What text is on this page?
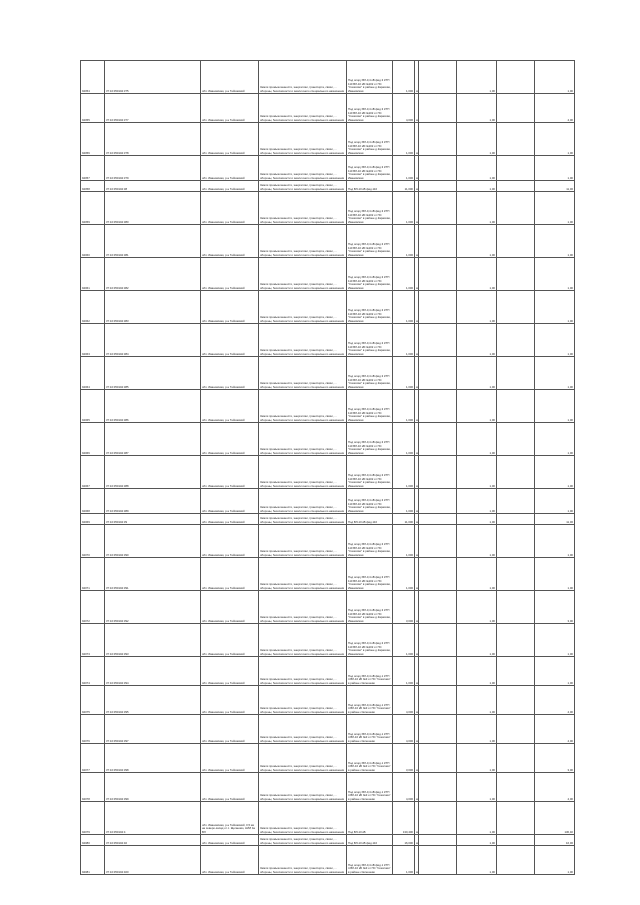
94054	37:10:050104:375	обл. Ивановская, р-н Тейковский	Земли промышленности, энергетики, транспорта, связи, ... обороны, безопасности и земли иного специального назначения	Под опору ВЛ-0,4 кВ фид.3 КТП 110 ВЛ-10 кВ №102 от ПС "Сокатово" в районе д.Карасово, Ивановская	1,000	м		1,00		1,00
94055	37:10:050104:377	обл. Ивановская, р-н Тейковский	Земли промышленности, энергетики, транспорта, связи, ... обороны, безопасности и земли иного специального назначения	Под опору ВЛ-0,4 кВ фид.3 КТП 110 ВЛ-10 кВ №102 от ПС "Сокатово" в районе д.Карасово, Ивановская	4,000	м		1,00		4,00
94056	37:10:050104:378	обл. Ивановская, р-н Тейковский	Земли промышленности, энергетики, транспорта, связи, ... обороны, безопасности и земли иного специального назначения	Под опору ВЛ-0,4 кВ фид.3 КТП 110 ВЛ-10 кВ №102 от ПС "Сокатово" в районе д.Карасово, Ивановская	1,000	м		1,00		1,00
94057	37:10:050104:379	обл. Ивановская, р-н Тейковский	Земли промышленности, энергетики, транспорта, связи, ... обороны, безопасности и земли иного специального назначения	Под опору ВЛ-0,4 кВ фид.3 КТП 110 ВЛ-10 кВ №102 от ПС "Сокатово" в районе д.Карасово, Ивановская	1,000	м		1,00		1,00
94058	37:10:050104:38	обл. Ивановская, р-н Тейковский	Земли промышленности, энергетики, транспорта, связи, ... обороны, безопасности и земли иного специального назначения	Под ВЛ-10 кВ фид.110	11,000	м		1,00		11,00
94059	37:10:050104:380	обл. Ивановская, р-н Тейковский	Земли промышленности, энергетики, транспорта, связи, ... обороны, безопасности и земли иного специального назначения	Под опору ВЛ-0,4 кВ фид.3 КТП 110 ВЛ-10 кВ №102 от ПС "Сокатово" в районе д.Карасово, Ивановская	1,000	м		1,00		1,00
94060	37:10:050104:381	обл. Ивановская, р-н Тейковский	Земли промышленности, энергетики, транспорта, связи, ... обороны, безопасности и земли иного специального назначения	Под опору ВЛ-0,4 кВ фид.3 КТП 110 ВЛ-10 кВ №102 от ПС "Сокатово" в районе д.Карасово, Ивановская	1,000	м		1,00		1,00
94061	37:10:050104:382	обл. Ивановская, р-н Тейковский	Земли промышленности, энергетики, транспорта, связи, ... обороны, безопасности и земли иного специального назначения	Под опору ВЛ-0,4 кВ фид.3 КТП 110 ВЛ-10 кВ №102 от ПС "Сокатово" в районе д.Карасово, Ивановская	1,000	м		1,00		1,00
94062	37:10:050104:383	обл. Ивановская, р-н Тейковский	Земли промышленности, энергетики, транспорта, связи, ... обороны, безопасности и земли иного специального назначения	Под опору ВЛ-0,4 кВ фид.3 КТП 110 ВЛ-10 кВ №102 от ПС "Сокатово" в районе д.Карасово, Ивановская	1,000	м		1,00		1,00
94063	37:10:050104:384	обл. Ивановская, р-н Тейковский	Земли промышленности, энергетики, транспорта, связи, ... обороны, безопасности и земли иного специального назначения	Под опору ВЛ-0,4 кВ фид.3 КТП 110 ВЛ-10 кВ №102 от ПС "Сокатово" в районе д.Карасово, Ивановская	1,000	м		1,00		1,00
94064	37:10:050104:385	обл. Ивановская, р-н Тейковский	Земли промышленности, энергетики, транспорта, связи, ... обороны, безопасности и земли иного специального назначения	Под опору ВЛ-0,4 кВ фид.3 КТП 110 ВЛ-10 кВ №102 от ПС "Сокатово" в районе д.Карасово, Ивановская	1,000	м		1,00		1,00
94065	37:10:050104:386	обл. Ивановская, р-н Тейковский	Земли промышленности, энергетики, транспорта, связи, ... обороны, безопасности и земли иного специального назначения	Под опору ВЛ-0,4 кВ фид.3 КТП 110 ВЛ-10 кВ №102 от ПС "Сокатово" в районе д.Карасово, Ивановская	1,000	м		1,00		1,00
94066	37:10:050104:387	обл. Ивановская, р-н Тейковский	Земли промышленности, энергетики, транспорта, связи, ... обороны, безопасности и земли иного специального назначения	Под опору ВЛ-0,4 кВ фид.3 КТП 110 ВЛ-10 кВ №102 от ПС "Сокатово" в районе д.Карасово, Ивановская	1,000	м		1,00		1,00
94067	37:10:050104:388	обл. Ивановская, р-н Тейковский	Земли промышленности, энергетики, транспорта, связи, ... обороны, безопасности и земли иного специального назначения	Под опору ВЛ-0,4 кВ фид.3 КТП 110 ВЛ-10 кВ №102 от ПС "Сокатово" в районе д.Карасово, Ивановская	1,000	м		1,00		1,00
94068	37:10:050104:389	обл. Ивановская, р-н Тейковский	Земли промышленности, энергетики, транспорта, связи, ... обороны, безопасности и земли иного специального назначения	Под опору ВЛ-0,4 кВ фид.3 КТП 110 ВЛ-10 кВ №102 от ПС "Сокатово" в районе д.Карасово, Ивановская	1,000	м		1,00		1,00
94069	37:10:050104:39	обл. Ивановская, р-н Тейковский	Земли промышленности, энергетики, транспорта, связи, ... обороны, безопасности и земли иного специального назначения	Под ВЛ-10 кВ фид.110	11,000	м		1,00		11,00
94070	37:10:050104:390	обл. Ивановская, р-н Тейковский	Земли промышленности, энергетики, транспорта, связи, ... обороны, безопасности и земли иного специального назначения	Под опору ВЛ-0,4 кВ фид.3 КТП 110 ВЛ-10 кВ №102 от ПС "Сокатово" в районе д.Карасово, Ивановская	1,000	м		1,00		1,00
94071	37:10:050104:391	обл. Ивановская, р-н Тейковский	Земли промышленности, энергетики, транспорта, связи, ... обороны, безопасности и земли иного специального назначения	Под опору ВЛ-0,4 кВ фид.3 КТП 110 ВЛ-10 кВ №102 от ПС "Сокатово" в районе д.Карасово, Ивановская	1,000	м		1,00		1,00
94072	37:10:050104:392	обл. Ивановская, р-н Тейковский	Земли промышленности, энергетики, транспорта, связи, ... обороны, безопасности и земли иного специального назначения	Под опору ВЛ-0,4 кВ фид.3 КТП 110 ВЛ-10 кВ №102 от ПС "Сокатово" в районе д.Карасово, Ивановская	3,000	м		1,00		3,00
94073	37:10:050104:393	обл. Ивановская, р-н Тейковский	Земли промышленности, энергетики, транспорта, связи, ... обороны, безопасности и земли иного специального назначения	Под опору ВЛ-0,4 кВ фид.3 КТП 110 ВЛ-10 кВ №102 от ПС "Сокатово" в районе д.Карасово, Ивановская	1,000	м		1,00		1,00
94074	37:10:050104:394	обл. Ивановская, р-н Тейковский	Земли промышленности, энергетики, транспорта, связи, ... обороны, безопасности и земли иного специального назначения	Под опору ВЛ-0,4 кВ фид.1 КТП 4 ВЛ-10 кВ №3 от ПС "Сокатово" в районе с.Елюшево	1,000	м		1,00		1,00
94075	37:10:050104:395	обл. Ивановская, р-н Тейковский	Земли промышленности, энергетики, транспорта, связи, ... обороны, безопасности и земли иного специального назначения	Под опору ВЛ-0,4 кВ фид.1 КТП 4 ВЛ-10 кВ №3 от ПС "Сокатово" в районе с.Елюшево	4,000	м		1,00		4,00
94076	37:10:050104:397	обл. Ивановская, р-н Тейковский	Земли промышленности, энергетики, транспорта, связи, ... обороны, безопасности и земли иного специального назначения	Под опору ВЛ-0,4 кВ фид.1 КТП 4 ВЛ-10 кВ №3 от ПС "Сокатово" в районе с.Елюшево	4,000	м		1,00		4,00
94077	37:10:050104:398	обл. Ивановская, р-н Тейковский	Земли промышленности, энергетики, транспорта, связи, ... обороны, безопасности и земли иного специального назначения	Под опору ВЛ-0,4 кВ фид.1 КТП 4 ВЛ-10 кВ №3 от ПС "Сокатово" в районе с.Елюшево	3,000	м		1,00		3,00
94078	37:10:050104:399	обл. Ивановская, р-н Тейковский	Земли промышленности, энергетики, транспорта, связи, ... обороны, безопасности и земли иного специального назначения	Под опору ВЛ-0,4 кВ фид.1 КТП 4 ВЛ-10 кВ №3 от ПС "Сокатово" в районе с.Елюшево	4,000	м		1,00		4,00
94079	37:10:050104:4	обл. Ивановская, р-н Тейковский, 0,5 км на северо-запад от с. Щеганово, НИИ 4а ВЛ	Земли промышленности, энергетики, транспорта, связи, ... обороны, безопасности и земли иного специального назначения	Под ВЛ-10 кВ	130,400	м		1,00		130,40
94080	37:10:050104:40	обл. Ивановская, р-н Тейковский	Земли промышленности, энергетики, транспорта, связи, ... обороны, безопасности и земли иного специального назначения	Под ВЛ-10 кВ фид.110	16,000	м		1,00		16,00
94081	37:10:050104:400	обл. Ивановская, р-н Тейковский	Земли промышленности, энергетики, транспорта, связи, ... обороны, безопасности и земли иного специального назначения	Под опору ВЛ-0,4 кВ фид.1 КТП 4 ВЛ-10 кВ №3 от ПС "Сокатово" в районе с.Елюшево	1,000	м		1,00		1,00
